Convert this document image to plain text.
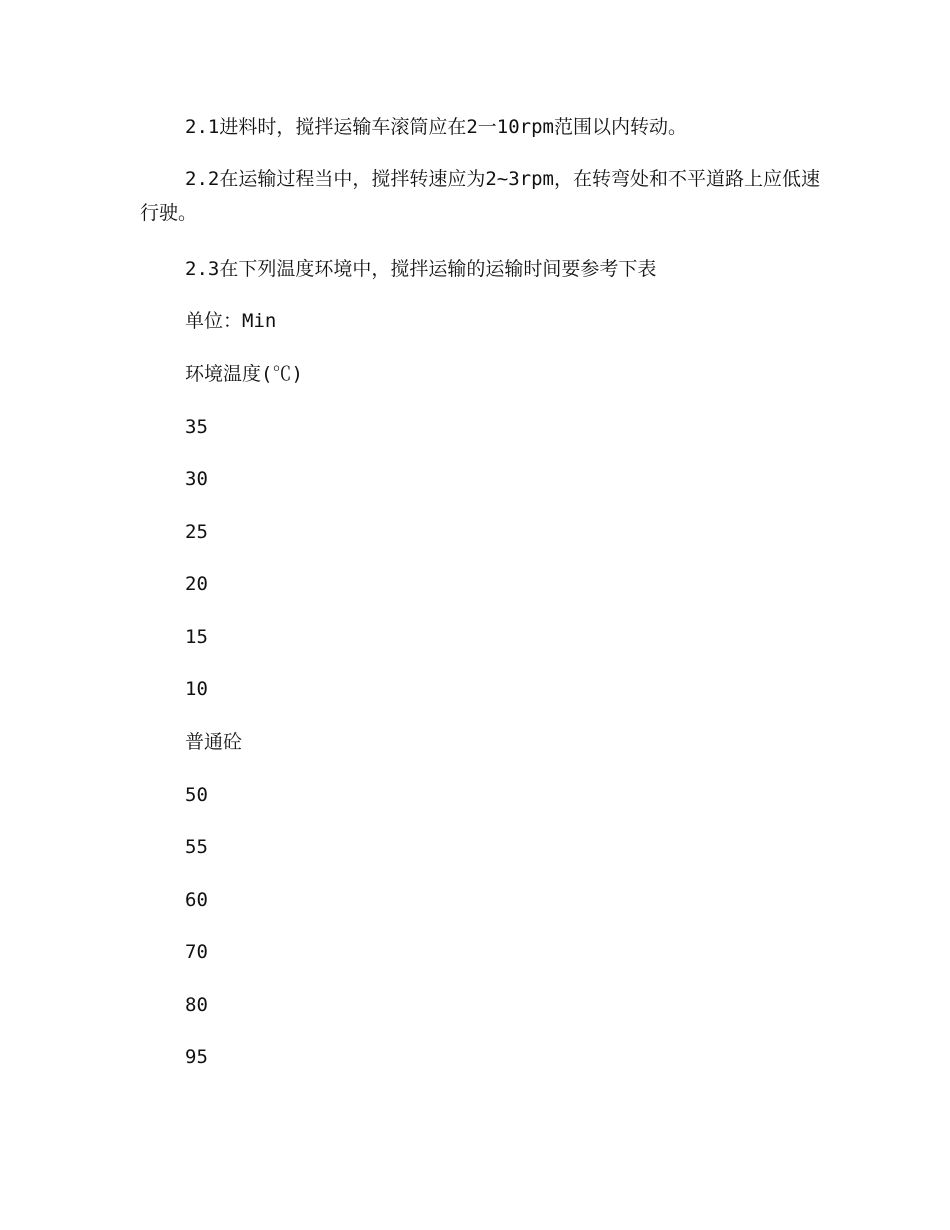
2.1进料时，搅拌运输车滚筒应在2一10rpm范围以内转动。

2.2在运输过程当中，搅拌转速应为2~3rpm，在转弯处和不平道路上应低速行驶。

2.3在下列温度环境中，搅拌运输的运输时间要参考下表

单位：Min

环境温度(℃)

35

30

25

20

15

10

普通砼

50

55

60

70

80

95
